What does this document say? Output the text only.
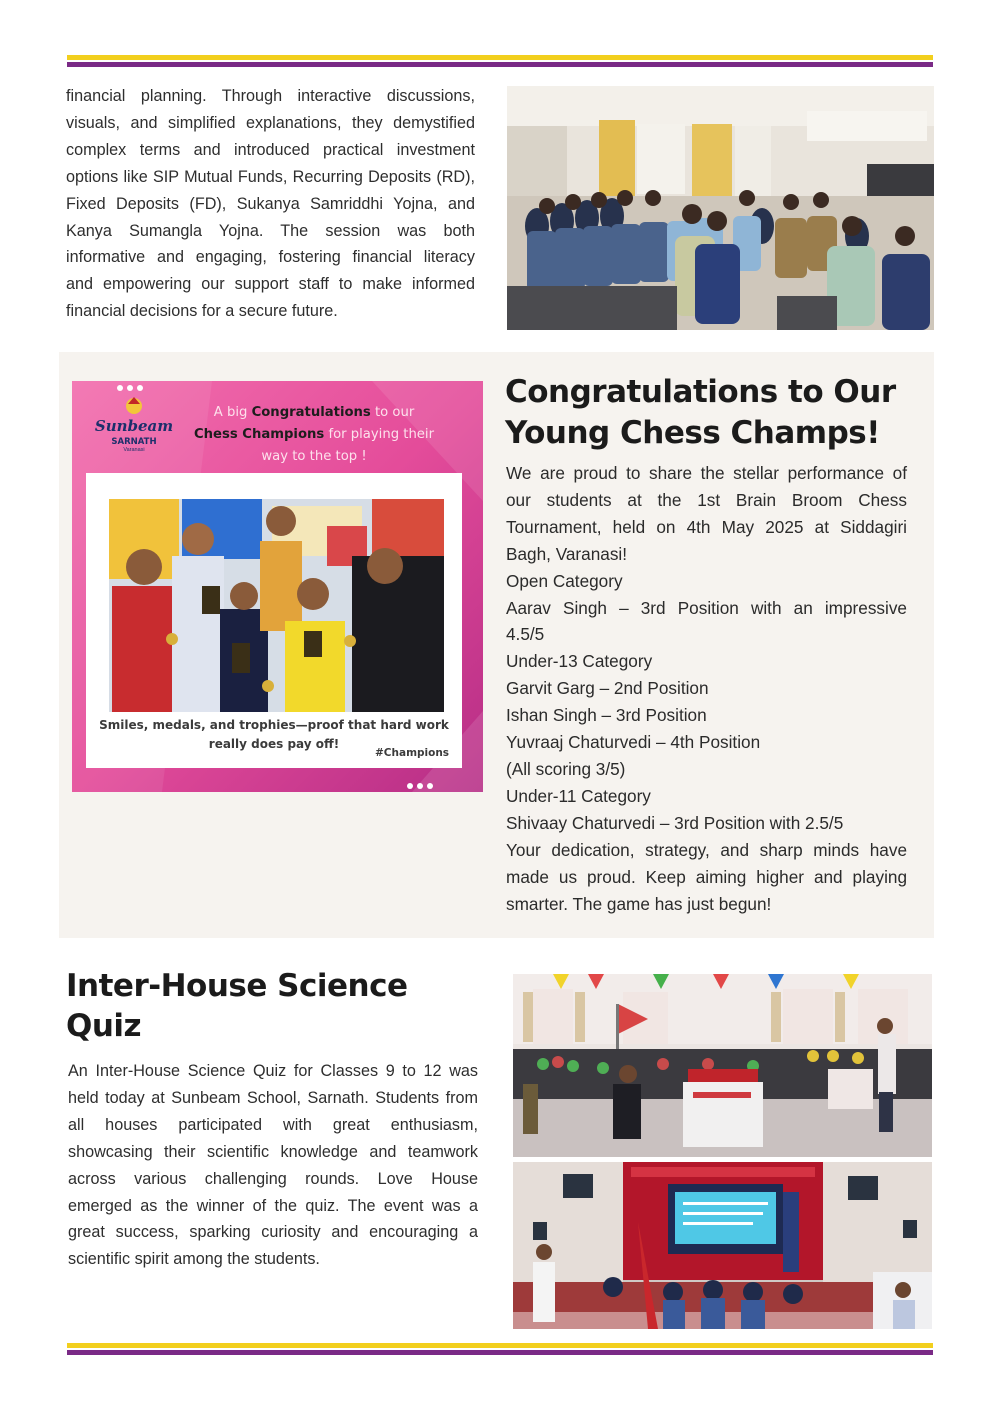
financial planning. Through interactive discussions,
visuals, and simplified explanations, they demystified
complex terms and introduced practical investment
options like SIP Mutual Funds, Recurring Deposits (RD),
Fixed Deposits (FD), Sukanya Samriddhi Yojna, and
Kanya Sumangla Yojna. The session was both
informative and engaging, fostering financial literacy
and empowering our support staff to make informed
financial decisions for a secure future.
Sunbeam
SARNATH
Varanasi
A big Congratulations to our
Chess Champions for playing their
way to the top !
Smiles, medals, and trophies—proof that hard work
really does pay off!
#Champions
Congratulations to Our
Young Chess Champs!
We are proud to share the stellar performance of
our students at the 1st Brain Broom Chess
Tournament, held on 4th May 2025 at Siddagiri
Bagh, Varanasi!
Open Category
Aarav Singh – 3rd Position with an impressive
4.5/5
Under-13 Category
Garvit Garg – 2nd Position
Ishan Singh – 3rd Position
Yuvraaj Chaturvedi – 4th Position
(All scoring 3/5)
Under-11 Category
Shivaay Chaturvedi – 3rd Position with 2.5/5
Your dedication, strategy, and sharp minds have
made us proud. Keep aiming higher and playing
smarter. The game has just begun!
Inter-House Science
Quiz
An Inter-House Science Quiz for Classes 9 to 12 was
held today at Sunbeam School, Sarnath. Students from
all houses participated with great enthusiasm,
showcasing their scientific knowledge and teamwork
across various challenging rounds. Love House
emerged as the winner of the quiz. The event was a
great success, sparking curiosity and encouraging a
scientific spirit among the students.
